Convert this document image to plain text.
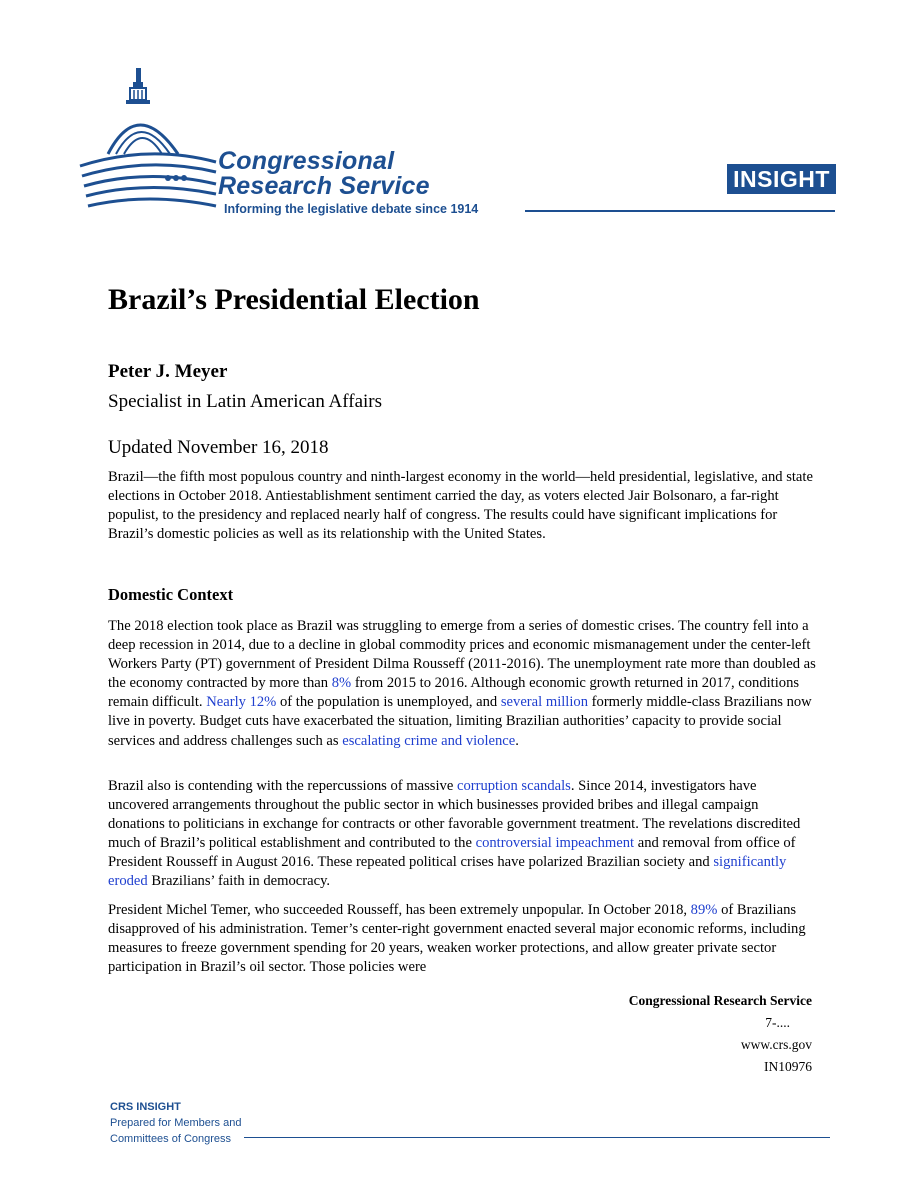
Congressional
Research Service
Informing the legislative debate since 1914
INSIGHT
Brazil’s Presidential Election
Peter J. Meyer
Specialist in Latin American Affairs
Updated November 16, 2018

Brazil—the fifth most populous country and ninth-largest economy in the world—held presidential, legislative, and state elections in October 2018. Antiestablishment sentiment carried the day, as voters elected Jair Bolsonaro, a far-right populist, to the presidency and replaced nearly half of congress. The results could have significant implications for Brazil’s domestic policies as well as its relationship with the United States.

Domestic Context

The 2018 election took place as Brazil was struggling to emerge from a series of domestic crises. The country fell into a deep recession in 2014, due to a decline in global commodity prices and economic mismanagement under the center-left Workers Party (PT) government of President Dilma Rousseff (2011-2016). The unemployment rate more than doubled as the economy contracted by more than 8% from 2015 to 2016. Although economic growth returned in 2017, conditions remain difficult. Nearly 12% of the population is unemployed, and several million formerly middle-class Brazilians now live in poverty. Budget cuts have exacerbated the situation, limiting Brazilian authorities’ capacity to provide social services and address challenges such as escalating crime and violence.

Brazil also is contending with the repercussions of massive corruption scandals. Since 2014, investigators have uncovered arrangements throughout the public sector in which businesses provided bribes and illegal campaign donations to politicians in exchange for contracts or other favorable government treatment. The revelations discredited much of Brazil’s political establishment and contributed to the controversial impeachment and removal from office of President Rousseff in August 2016. These repeated political crises have polarized Brazilian society and significantly eroded Brazilians’ faith in democracy.

President Michel Temer, who succeeded Rousseff, has been extremely unpopular. In October 2018, 89% of Brazilians disapproved of his administration. Temer’s center-right government enacted several major economic reforms, including measures to freeze government spending for 20 years, weaken worker protections, and allow greater private sector participation in Brazil’s oil sector. Those policies were

Congressional Research Service
7-....
www.crs.gov
IN10976
CRS INSIGHT
Prepared for Members and
Committees of Congress
